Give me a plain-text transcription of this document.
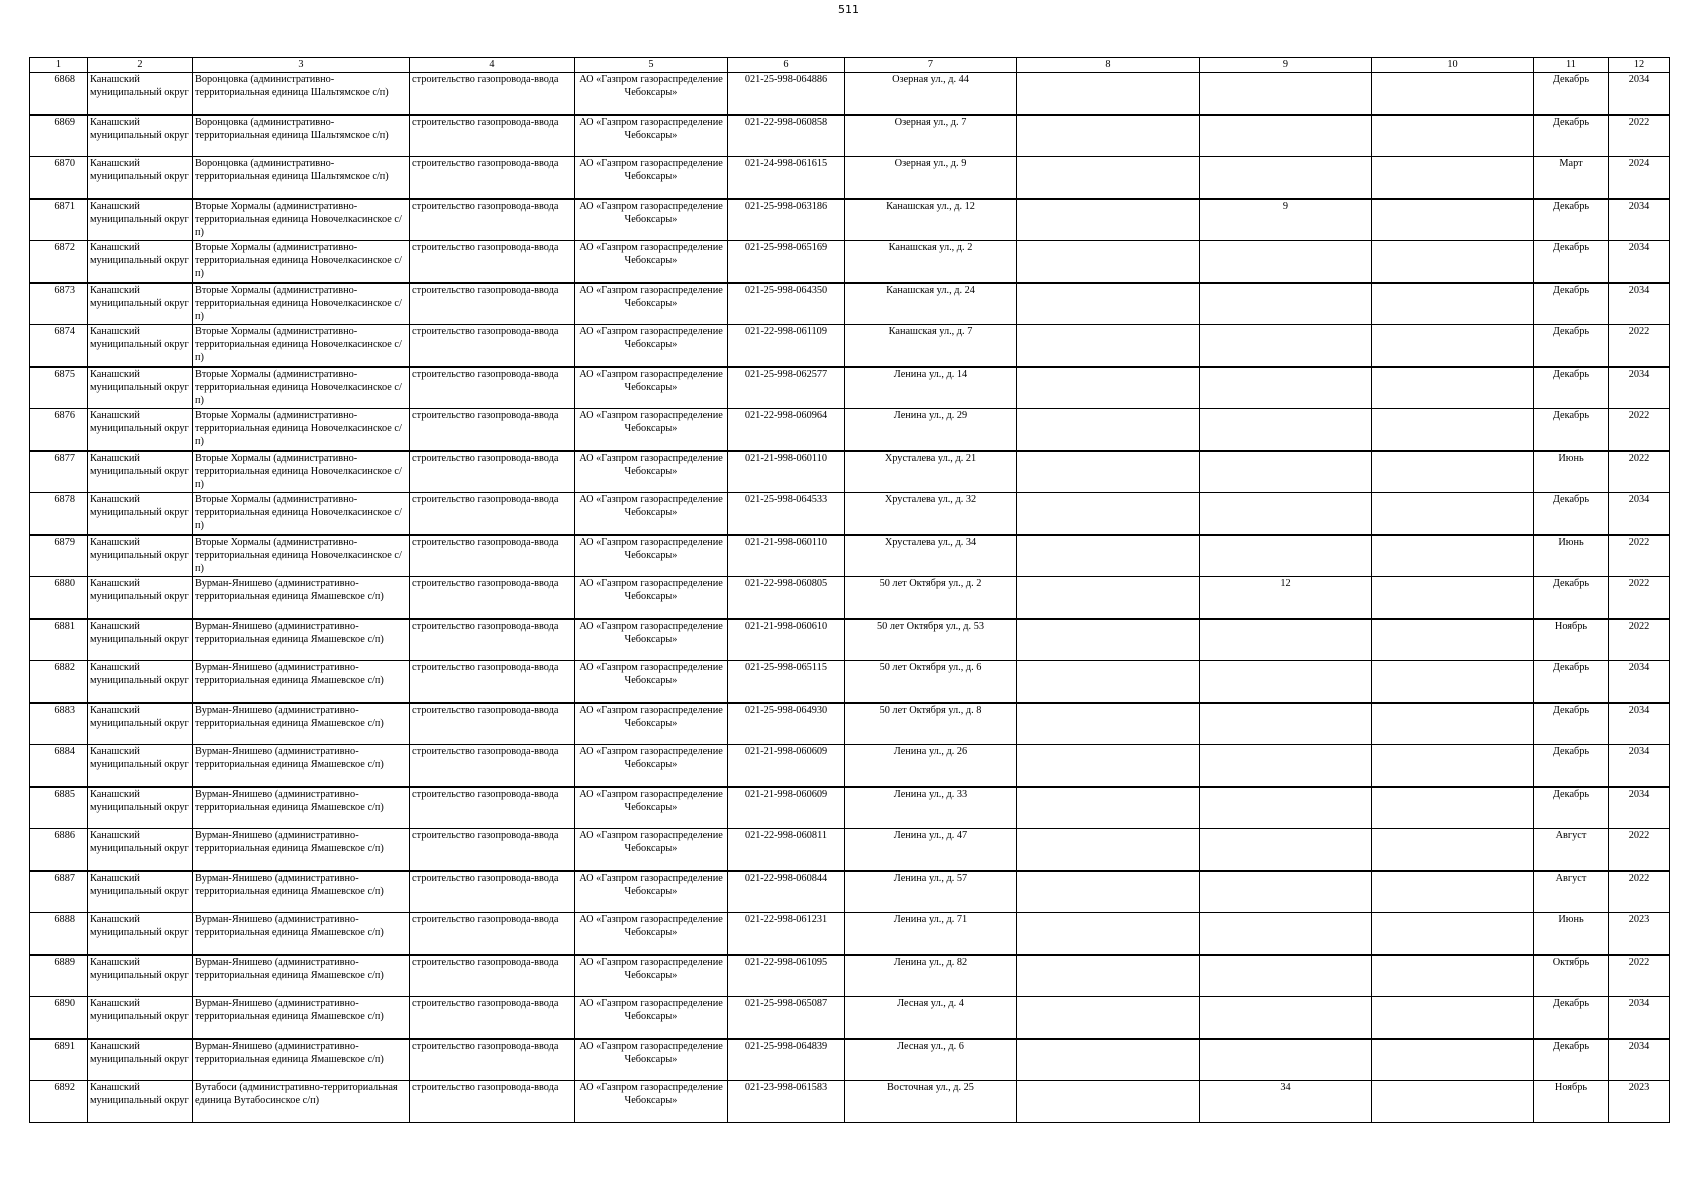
511
1	2	3	4	5	6	7	8	9	10	11	12

6868	Канашский муниципальный округ	Воронцовка (административно-территориальная единица Шальтямское с/п)	строительство газопровода-ввода	АО «Газпром газораспределение Чебоксары»	021-25-998-064886	Озерная ул., д. 44				Декабрь	2034

6869	Канашский муниципальный округ	Воронцовка (административно-территориальная единица Шальтямское с/п)	строительство газопровода-ввода	АО «Газпром газораспределение Чебоксары»	021-22-998-060858	Озерная ул., д. 7				Декабрь	2022

6870	Канашский муниципальный округ	Воронцовка (административно-территориальная единица Шальтямское с/п)	строительство газопровода-ввода	АО «Газпром газораспределение Чебоксары»	021-24-998-061615	Озерная ул., д. 9				Март	2024

6871	Канашский муниципальный округ	Вторые Хормалы (административно-территориальная единица Новочелкасинское с/п)	строительство газопровода-ввода	АО «Газпром газораспределение Чебоксары»	021-25-998-063186	Канашская ул., д. 12		9		Декабрь	2034

6872	Канашский муниципальный округ	Вторые Хормалы (административно-территориальная единица Новочелкасинское с/п)	строительство газопровода-ввода	АО «Газпром газораспределение Чебоксары»	021-25-998-065169	Канашская ул., д. 2				Декабрь	2034

6873	Канашский муниципальный округ	Вторые Хормалы (административно-территориальная единица Новочелкасинское с/п)	строительство газопровода-ввода	АО «Газпром газораспределение Чебоксары»	021-25-998-064350	Канашская ул., д. 24				Декабрь	2034

6874	Канашский муниципальный округ	Вторые Хормалы (административно-территориальная единица Новочелкасинское с/п)	строительство газопровода-ввода	АО «Газпром газораспределение Чебоксары»	021-22-998-061109	Канашская ул., д. 7				Декабрь	2022

6875	Канашский муниципальный округ	Вторые Хормалы (административно-территориальная единица Новочелкасинское с/п)	строительство газопровода-ввода	АО «Газпром газораспределение Чебоксары»	021-25-998-062577	Ленина ул., д. 14				Декабрь	2034

6876	Канашский муниципальный округ	Вторые Хормалы (административно-территориальная единица Новочелкасинское с/п)	строительство газопровода-ввода	АО «Газпром газораспределение Чебоксары»	021-22-998-060964	Ленина ул., д. 29				Декабрь	2022

6877	Канашский муниципальный округ	Вторые Хормалы (административно-территориальная единица Новочелкасинское с/п)	строительство газопровода-ввода	АО «Газпром газораспределение Чебоксары»	021-21-998-060110	Хрусталева ул., д. 21				Июнь	2022

6878	Канашский муниципальный округ	Вторые Хормалы (административно-территориальная единица Новочелкасинское с/п)	строительство газопровода-ввода	АО «Газпром газораспределение Чебоксары»	021-25-998-064533	Хрусталева ул., д. 32				Декабрь	2034

6879	Канашский муниципальный округ	Вторые Хормалы (административно-территориальная единица Новочелкасинское с/п)	строительство газопровода-ввода	АО «Газпром газораспределение Чебоксары»	021-21-998-060110	Хрусталева ул., д. 34				Июнь	2022

6880	Канашский муниципальный округ	Вурман-Янишево (административно-территориальная единица Ямашевское с/п)	строительство газопровода-ввода	АО «Газпром газораспределение Чебоксары»	021-22-998-060805	50 лет Октября ул., д. 2		12		Декабрь	2022

6881	Канашский муниципальный округ	Вурман-Янишево (административно-территориальная единица Ямашевское с/п)	строительство газопровода-ввода	АО «Газпром газораспределение Чебоксары»	021-21-998-060610	50 лет Октября ул., д. 53				Ноябрь	2022

6882	Канашский муниципальный округ	Вурман-Янишево (административно-территориальная единица Ямашевское с/п)	строительство газопровода-ввода	АО «Газпром газораспределение Чебоксары»	021-25-998-065115	50 лет Октября ул., д. 6				Декабрь	2034

6883	Канашский муниципальный округ	Вурман-Янишево (административно-территориальная единица Ямашевское с/п)	строительство газопровода-ввода	АО «Газпром газораспределение Чебоксары»	021-25-998-064930	50 лет Октября ул., д. 8				Декабрь	2034

6884	Канашский муниципальный округ	Вурман-Янишево (административно-территориальная единица Ямашевское с/п)	строительство газопровода-ввода	АО «Газпром газораспределение Чебоксары»	021-21-998-060609	Ленина ул., д. 26				Декабрь	2034

6885	Канашский муниципальный округ	Вурман-Янишево (административно-территориальная единица Ямашевское с/п)	строительство газопровода-ввода	АО «Газпром газораспределение Чебоксары»	021-21-998-060609	Ленина ул., д. 33				Декабрь	2034

6886	Канашский муниципальный округ	Вурман-Янишево (административно-территориальная единица Ямашевское с/п)	строительство газопровода-ввода	АО «Газпром газораспределение Чебоксары»	021-22-998-060811	Ленина ул., д. 47				Август	2022

6887	Канашский муниципальный округ	Вурман-Янишево (административно-территориальная единица Ямашевское с/п)	строительство газопровода-ввода	АО «Газпром газораспределение Чебоксары»	021-22-998-060844	Ленина ул., д. 57				Август	2022

6888	Канашский муниципальный округ	Вурман-Янишево (административно-территориальная единица Ямашевское с/п)	строительство газопровода-ввода	АО «Газпром газораспределение Чебоксары»	021-22-998-061231	Ленина ул., д. 71				Июнь	2023

6889	Канашский муниципальный округ	Вурман-Янишево (административно-территориальная единица Ямашевское с/п)	строительство газопровода-ввода	АО «Газпром газораспределение Чебоксары»	021-22-998-061095	Ленина ул., д. 82				Октябрь	2022

6890	Канашский муниципальный округ	Вурман-Янишево (административно-территориальная единица Ямашевское с/п)	строительство газопровода-ввода	АО «Газпром газораспределение Чебоксары»	021-25-998-065087	Лесная ул., д. 4				Декабрь	2034

6891	Канашский муниципальный округ	Вурман-Янишево (административно-территориальная единица Ямашевское с/п)	строительство газопровода-ввода	АО «Газпром газораспределение Чебоксары»	021-25-998-064839	Лесная ул., д. 6				Декабрь	2034

6892	Канашский муниципальный округ	Вутабоси (административно-территориальная единица Вутабосинское с/п)	строительство газопровода-ввода	АО «Газпром газораспределение Чебоксары»	021-23-998-061583	Восточная ул., д. 25		34		Ноябрь	2023
